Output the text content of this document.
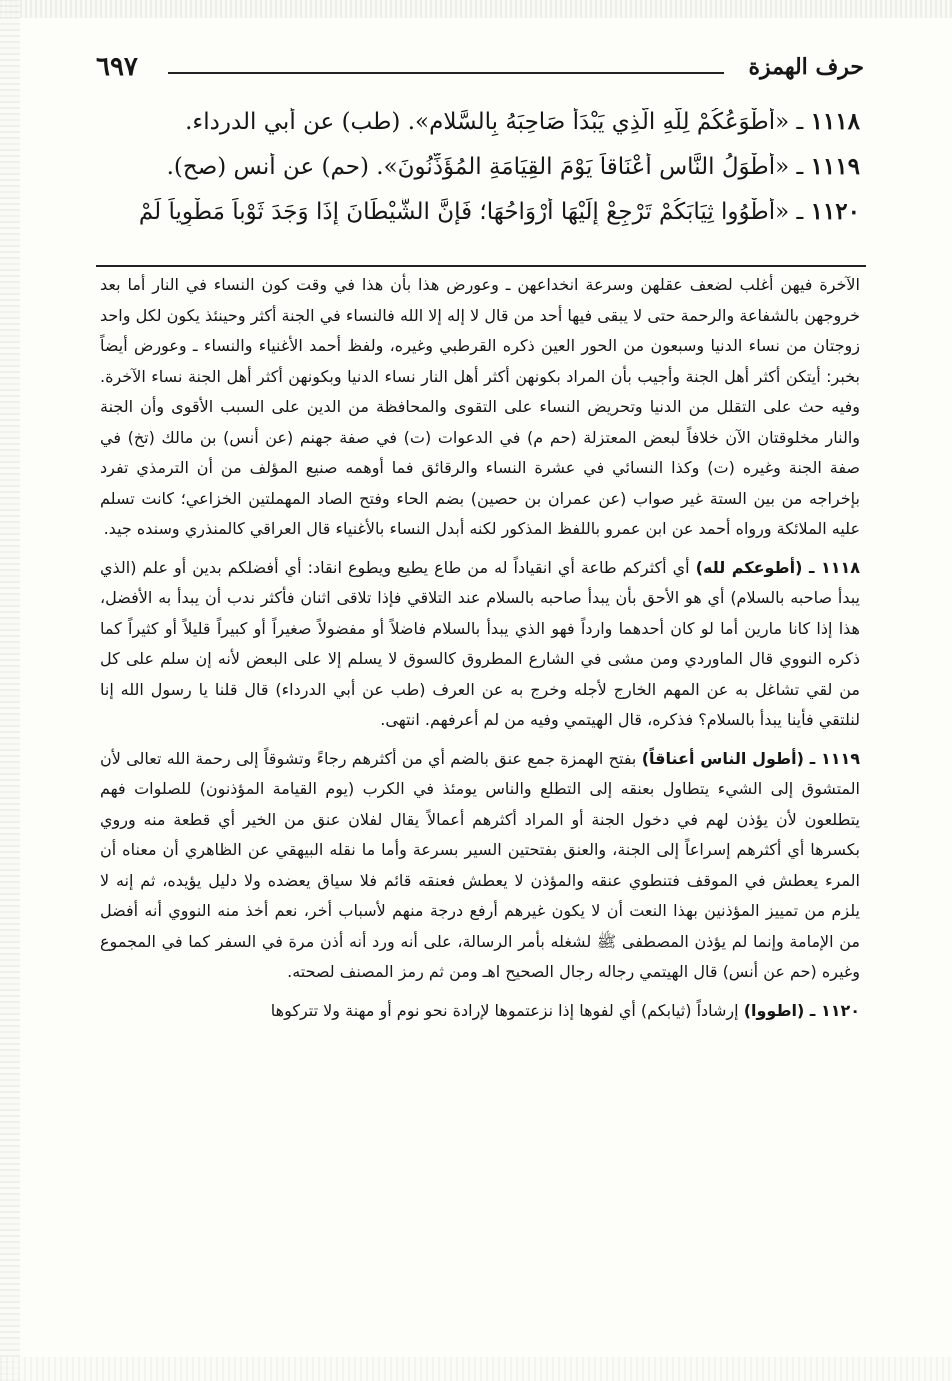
حرف الهمزة
٦٩٧
١١١٨ ـ «أَطْوَعُكُمْ لِلّهِ الَّذِي يَبْدَأُ صَاحِبَهُ بِالسَّلامِ». (طب) عن أبي الدرداء.
١١١٩ ـ «أَطْوَلُ النَّاسِ أَعْنَاقاً يَوْمَ القِيَامَةِ المُؤَذِّنُونَ». (حم) عن أنس (صح).
١١٢٠ ـ «أَطْوُوا ثِيَابَكُمْ تَرْجِعْ إِلَيْهَا أَرْوَاحُهَا؛ فَإِنَّ الشَّيْطَانَ إِذَا وَجَدَ ثَوْباً مَطْوِياً لَمْ

الآخرة فيهن أغلب لضعف عقلهن وسرعة انخداعهن ـ وعورض هذا بأن هذا في وقت كون النساء في النار أما بعد خروجهن بالشفاعة والرحمة حتى لا يبقى فيها أحد من قال لا إله إلا الله فالنساء في الجنة أكثر وحينئذ يكون لكل واحد زوجتان من نساء الدنيا وسبعون من الحور العين ذكره القرطبي وغيره، ولفظ أحمد الأغنياء والنساء ـ وعورض أيضاً بخبر: أيتكن أكثر أهل الجنة وأجيب بأن المراد بكونهن أكثر أهل النار نساء الدنيا وبكونهن أكثر أهل الجنة نساء الآخرة. وفيه حث على التقلل من الدنيا وتحريض النساء على التقوى والمحافظة من الدين على السبب الأقوى وأن الجنة والنار مخلوقتان الآن خلافاً لبعض المعتزلة (حم م) في الدعوات (ت) في صفة جهنم (عن أنس) بن مالك (تخ) في صفة الجنة وغيره (ت) وكذا النسائي في عشرة النساء والرقائق فما أوهمه صنيع المؤلف من أن الترمذي تفرد بإخراجه من بين الستة غير صواب (عن عمران بن حصين) بضم الحاء وفتح الصاد المهملتين الخزاعي؛ كانت تسلم عليه الملائكة ورواه أحمد عن ابن عمرو باللفظ المذكور لكنه أبدل النساء بالأغنياء قال العراقي كالمنذري وسنده جيد.

١١١٨ ـ (أطوعكم لله) أي أكثركم طاعة أي انقياداً له من طاع يطيع ويطوع انقاد: أي أفضلكم بدين أو علم (الذي يبدأ صاحبه بالسلام) أي هو الأحق بأن يبدأ صاحبه بالسلام عند التلاقي فإذا تلاقى اثنان فأكثر ندب أن يبدأ به الأفضل، هذا إذا كانا مارين أما لو كان أحدهما وارداً فهو الذي يبدأ بالسلام فاضلاً أو مفضولاً صغيراً أو كبيراً قليلاً أو كثيراً كما ذكره النووي قال الماوردي ومن مشى في الشارع المطروق كالسوق لا يسلم إلا على البعض لأنه إن سلم على كل من لقي تشاغل به عن المهم الخارج لأجله وخرج به عن العرف (طب عن أبي الدرداء) قال قلنا يا رسول الله إنا لنلتقي فأينا يبدأ بالسلام؟ فذكره، قال الهيتمي وفيه من لم أعرفهم. انتهى.

١١١٩ ـ (أطول الناس أعناقاً) بفتح الهمزة جمع عنق بالضم أي من أكثرهم رجاءً وتشوقاً إلى رحمة الله تعالى لأن المتشوق إلى الشيء يتطاول بعنقه إلى التطلع والناس يومئذ في الكرب (يوم القيامة المؤذنون) للصلوات فهم يتطلعون لأن يؤذن لهم في دخول الجنة أو المراد أكثرهم أعمالاً يقال لفلان عنق من الخير أي قطعة منه وروي بكسرها أي أكثرهم إسراعاً إلى الجنة، والعنق بفتحتين السير بسرعة وأما ما نقله البيهقي عن الظاهري أن معناه أن المرء يعطش في الموقف فتنطوي عنقه والمؤذن لا يعطش فعنقه قائم فلا سياق يعضده ولا دليل يؤيده، ثم إنه لا يلزم من تمييز المؤذنين بهذا النعت أن لا يكون غيرهم أرفع درجة منهم لأسباب أخر، نعم أخذ منه النووي أنه أفضل من الإمامة وإنما لم يؤذن المصطفى ﷺ لشغله بأمر الرسالة، على أنه ورد أنه أذن مرة في السفر كما في المجموع وغيره (حم عن أنس) قال الهيتمي رجاله رجال الصحيح اهـ ومن ثم رمز المصنف لصحته.

١١٢٠ ـ (اطووا) إرشاداً (ثيابكم) أي لفوها إذا نزعتموها لإرادة نحو نوم أو مهنة ولا تتركوها
